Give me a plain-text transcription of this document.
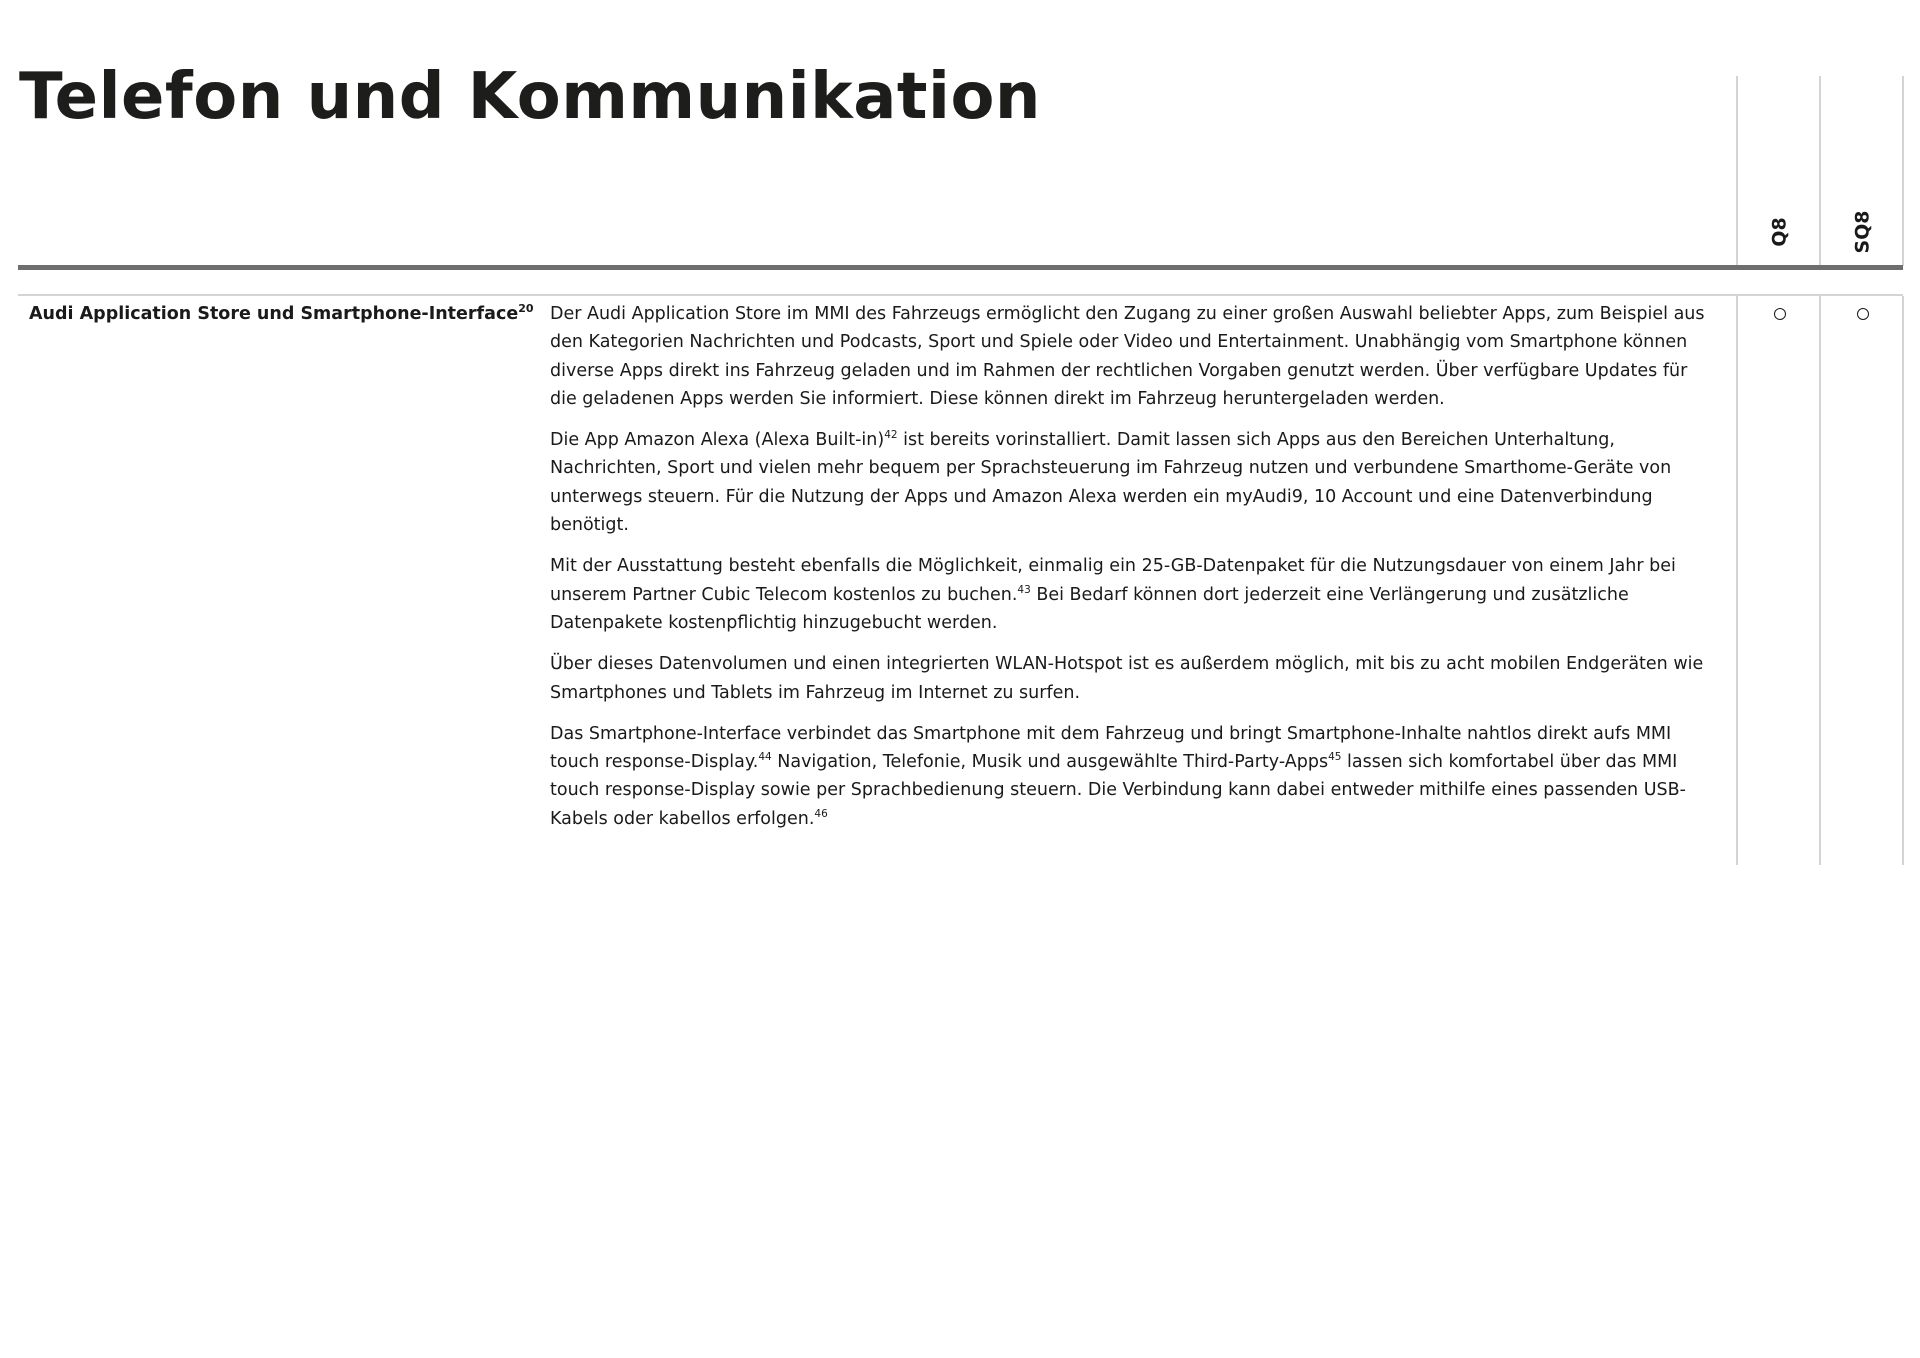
Telefon und Kommunikation
Q8	SQ8
Audi Application Store und Smartphone-Interface$^{20}$ Der Audi Application Store im MMI des Fahrzeugs ermöglicht den Zugang zu einer großen Auswahl beliebter Apps, zum Beispiel aus den Kategorien Nachrichten und Podcasts, Sport und Spiele oder Video und Entertainment. Unabhängig vom Smartphone können diverse Apps direkt ins Fahrzeug geladen und im Rahmen der rechtlichen Vorgaben genutzt werden. Über verfügbare Updates für die geladenen Apps werden Sie informiert. Diese können direkt im Fahrzeug heruntergeladen werden.

Die App Amazon Alexa (Alexa Built-in)$^{42}$ ist bereits vorinstalliert. Damit lassen sich Apps aus den Bereichen Unterhaltung, Nachrichten, Sport und vielen mehr bequem per Sprachsteuerung im Fahrzeug nutzen und verbundene Smarthome-Geräte von unterwegs steuern. Für die Nutzung der Apps und Amazon Alexa werden ein myAudi9, 10 Account und eine Datenverbindung benötigt.

Mit der Ausstattung besteht ebenfalls die Möglichkeit, einmalig ein 25-GB-Datenpaket für die Nutzungsdauer von einem Jahr bei unserem Partner Cubic Telecom kostenlos zu buchen.$^{43}$ Bei Bedarf können dort jederzeit eine Verlängerung und zusätzliche Datenpakete kostenpflichtig hinzugebucht werden.

Über dieses Datenvolumen und einen integrierten WLAN-Hotspot ist es außerdem möglich, mit bis zu acht mobilen Endgeräten wie Smartphones und Tablets im Fahrzeug im Internet zu surfen.

Das Smartphone-Interface verbindet das Smartphone mit dem Fahrzeug und bringt Smartphone-Inhalte nahtlos direkt aufs MMI touch response-Display.$^{44}$ Navigation, Telefonie, Musik und ausgewählte Third-Party-Apps$^{45}$ lassen sich komfortabel über das MMI touch response-Display sowie per Sprachbedienung steuern. Die Verbindung kann dabei entweder mithilfe eines passenden USB-Kabels oder kabellos erfolgen.$^{46}$
